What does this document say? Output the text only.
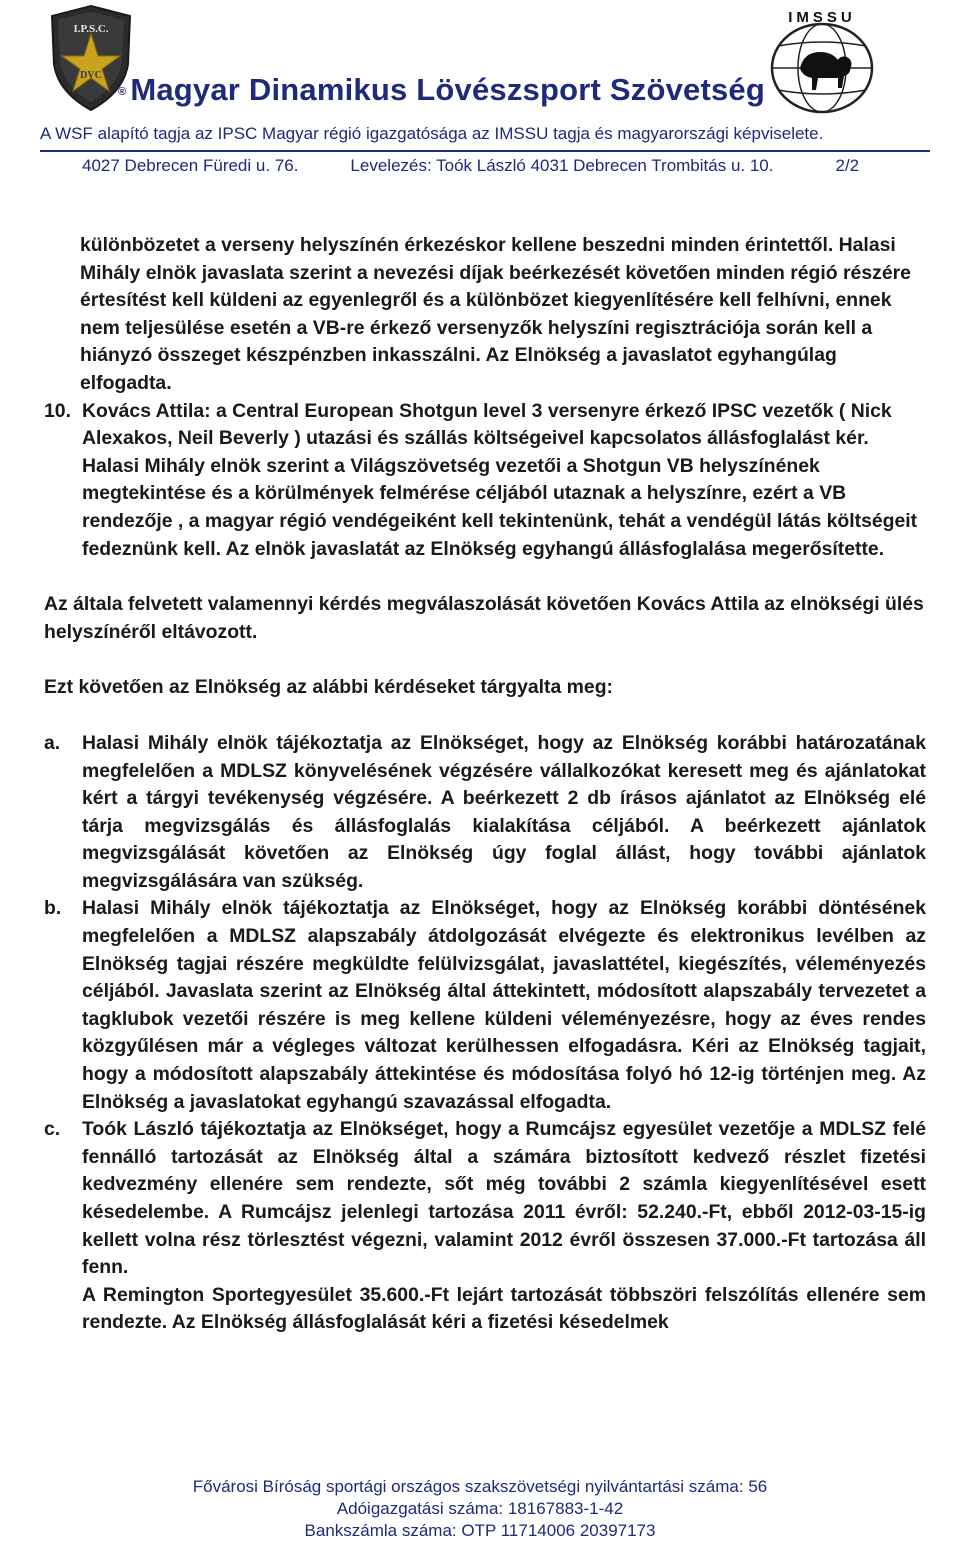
I.P.S.C.
DVC
IMSSU
® Magyar Dinamikus Lövészsport Szövetség
A WSF alapító tagja az IPSC Magyar régió igazgatósága az IMSSU tagja és magyarországi képviselete.
4027 Debrecen Füredi u. 76.	Levelezés: Toók László 4031 Debrecen Trombitás u. 10.	2/2

különbözetet a verseny helyszínén érkezéskor kellene beszedni minden érintettől. Halasi Mihály elnök javaslata szerint a nevezési díjak beérkezését követően minden régió részére értesítést kell küldeni az egyenlegről és a különbözet kiegyenlítésére kell felhívni, ennek nem teljesülése esetén a VB-re érkező versenyzők helyszíni regisztrációja során kell a hiányzó összeget készpénzben inkasszálni. Az Elnökség a javaslatot egyhangúlag elfogadta.

10. Kovács Attila: a Central European Shotgun level 3 versenyre érkező IPSC vezetők ( Nick Alexakos, Neil Beverly ) utazási és szállás költségeivel kapcsolatos állásfoglalást kér. Halasi Mihály elnök szerint a Világszövetség vezetői a Shotgun VB helyszínének megtekintése és a körülmények felmérése céljából utaznak a helyszínre, ezért a VB rendezője , a magyar régió vendégeiként kell tekintenünk, tehát a vendégül látás költségeit fedeznünk kell. Az elnök javaslatát az Elnökség egyhangú állásfoglalása megerősítette.

Az általa felvetett valamennyi kérdés megválaszolását követően Kovács Attila az elnökségi ülés helyszínéről eltávozott.

Ezt követően az Elnökség az alábbi kérdéseket tárgyalta meg:

a.	Halasi Mihály elnök tájékoztatja az Elnökséget, hogy az Elnökség korábbi határozatának megfelelően a MDLSZ könyvelésének végzésére vállalkozókat keresett meg és ajánlatokat kért a tárgyi tevékenység végzésére. A beérkezett 2 db írásos ajánlatot az Elnökség elé tárja megvizsgálás és állásfoglalás kialakítása céljából. A beérkezett ajánlatok megvizsgálását követően az Elnökség úgy foglal állást, hogy további ajánlatok megvizsgálására van szükség.
b.	Halasi Mihály elnök tájékoztatja az Elnökséget, hogy az Elnökség korábbi döntésének megfelelően a MDLSZ alapszabály átdolgozását elvégezte és elektronikus levélben az Elnökség tagjai részére megküldte felülvizsgálat, javaslattétel, kiegészítés, véleményezés céljából. Javaslata szerint az Elnökség által áttekintett, módosított alapszabály tervezetet a tagklubok vezetői részére is meg kellene küldeni véleményezésre, hogy az éves rendes közgyűlésen már a végleges változat kerülhessen elfogadásra. Kéri az Elnökség tagjait, hogy a módosított alapszabály áttekintése és módosítása folyó hó 12-ig történjen meg. Az Elnökség a javaslatokat egyhangú szavazással elfogadta.
c.	Toók László tájékoztatja az Elnökséget, hogy a Rumcájsz egyesület vezetője a MDLSZ felé fennálló tartozását az Elnökség által a számára biztosított kedvező részlet fizetési kedvezmény ellenére sem rendezte, sőt még további 2 számla kiegyenlítésével esett késedelembe. A Rumcájsz jelenlegi tartozása 2011 évről: 52.240.-Ft, ebből 2012-03-15-ig kellett volna rész törlesztést végezni, valamint 2012 évről összesen 37.000.-Ft tartozása áll fenn.
A Remington Sportegyesület 35.600.-Ft lejárt tartozását többszöri felszólítás ellenére sem rendezte. Az Elnökség állásfoglalását kéri a fizetési késedelmek
Fővárosi Bíróság sportági országos szakszövetségi nyilvántartási száma: 56
Adóigazgatási száma: 18167883-1-42
Bankszámla száma: OTP 11714006 20397173
